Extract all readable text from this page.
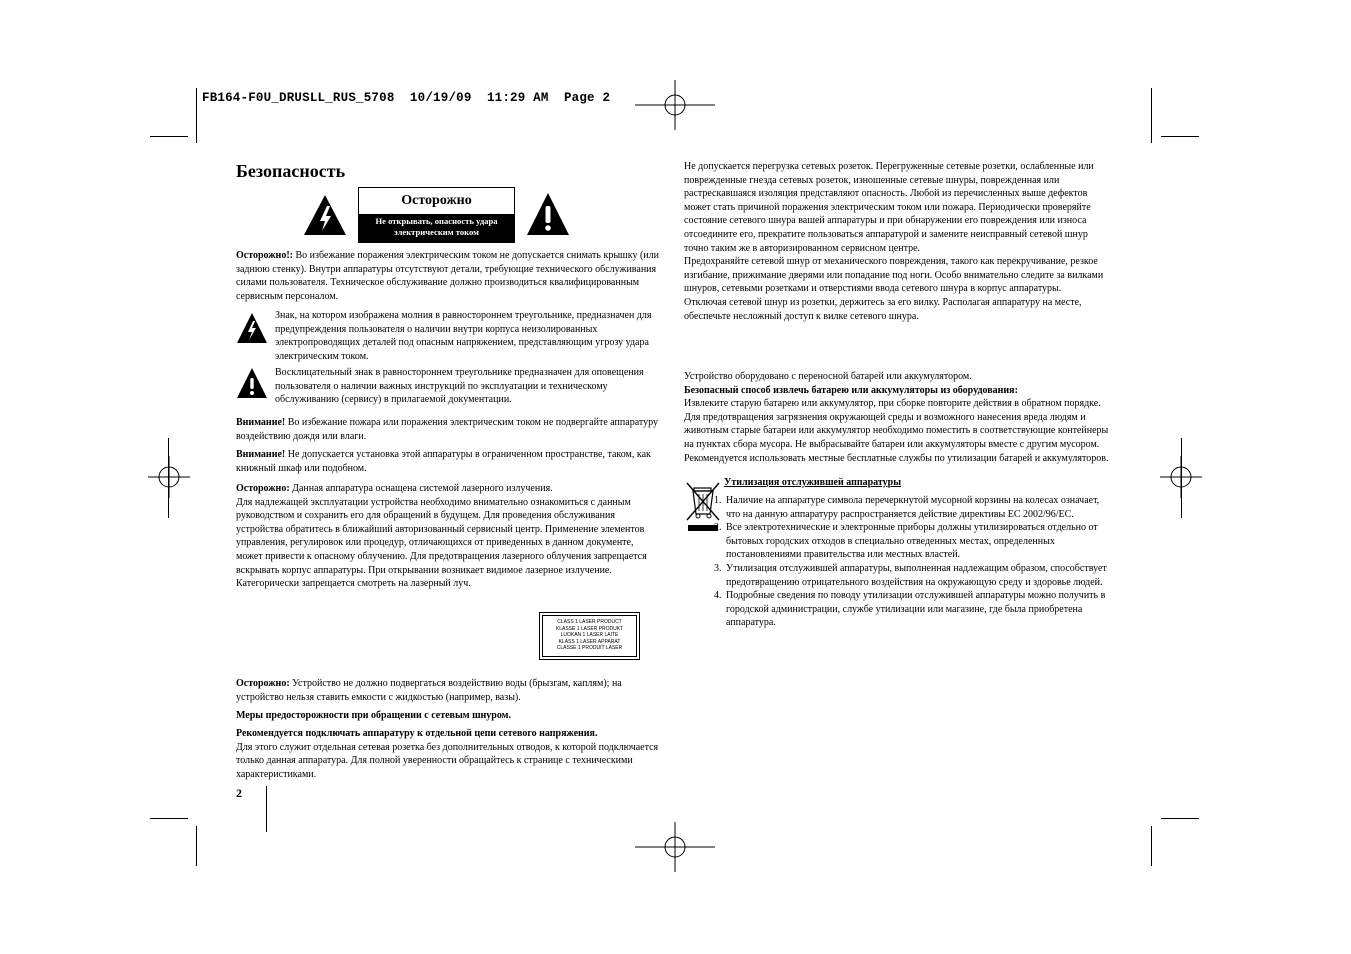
FB164-F0U_DRUSLL_RUS_5708  10/19/09  11:29 AM  Page 2
Безопасность
Осторожно
Не открывать, опасность удара
электрическим током
Осторожно!: Во избежание поражения электрическим током не допускается снимать крышку (или заднюю стенку). Внутри аппаратуры отсутствуют детали, требующие технического обслуживания силами пользователя. Техническое обслуживание должно производиться квалифицированным сервисным персоналом.
Знак, на котором изображена молния в равностороннем треугольнике, предназначен для предупреждения пользователя о наличии внутри корпуса неизолированных электропроводящих деталей под опасным напряжением, представляющим угрозу удара электрическим током.
Восклицательный знак в равностороннем треугольнике предназначен для оповещения пользователя о наличии важных инструкций по эксплуатации и техническому обслуживанию (сервису) в прилагаемой документации.
Внимание! Во избежание пожара или поражения электрическим током не подвергайте аппаратуру воздействию дождя или влаги.
Внимание! Не допускается установка этой аппаратуры в ограниченном пространстве, таком, как книжный шкаф или подобном.
Осторожно: Данная аппаратура оснащена системой лазерного излучения.
Для надлежащей эксплуатации устройства необходимо внимательно ознакомиться с данным руководством и сохранить его для обращений в будущем. Для проведения обслуживания устройства обратитесь в ближайший авторизованный сервисный центр. Применение элементов управления, регулировок или процедур, отличающихся от приведенных в данном документе, может привести к опасному облучению. Для предотвращения лазерного облучения запрещается вскрывать корпус аппаратуры. При открывании возникает видимое лазерное излучение. Категорически запрещается смотреть на лазерный луч.
CLASS 1 LASER PRODUCT
KLASSE 1 LASER PRODUKT
LUOKAN 1 LASER LAITE
KLASS 1 LASER APPARAT
CLASSE 1 PRODUIT LASER
Осторожно: Устройство не должно подвергаться воздействию воды (брызгам, каплям); на устройство нельзя ставить емкости с жидкостью (например, вазы).
Меры предосторожности при обращении с сетевым шнуром.
Рекомендуется подключать аппаратуру к отдельной цепи сетевого напряжения.
Для этого служит отдельная сетевая розетка без дополнительных отводов, к которой подключается только данная аппаратура. Для полной уверенности обращайтесь к странице с техническими характеристиками.
2
Не допускается перегрузка сетевых розеток. Перегруженные сетевые розетки, ослабленные или поврежденные гнезда сетевых розеток, изношенные сетевые шнуры, поврежденная или растрескавшаяся изоляция представляют опасность. Любой из перечисленных выше дефектов может стать причиной поражения электрическим током или пожара. Периодически проверяйте состояние сетевого шнура вашей аппаратуры и при обнаружении его повреждения или износа отсоедините его, прекратите пользоваться аппаратурой и замените неисправный сетевой шнур точно таким же в авторизированном сервисном центре.
Предохраняйте сетевой шнур от механического повреждения, такого как перекручивание, резкое изгибание, прижимание дверями или попадание под ноги. Особо внимательно следите за вилками шнуров, сетевыми розетками и отверстиями ввода сетевого шнура в корпус аппаратуры.
Отключая сетевой шнур из розетки, держитесь за его вилку. Располагая аппаратуру на месте, обеспечьте несложный доступ к вилке сетевого шнура.
Устройство оборудовано с переносной батарей или аккумулятором.
Безопасный способ извлечь батарею или аккумуляторы из оборудования:
Извлеките старую батарею или аккумулятор, при сборке повторите действия в обратном порядке. Для предотвращения загрязнения окружающей среды и возможного нанесения вреда людям и животным старые батареи или аккумулятор необходимо поместить в соответствующие контейнеры на пунктах сбора мусора. Не выбрасывайте батареи или аккумуляторы вместе с другим мусором. Рекомендуется использовать местные бесплатные службы по утилизации батарей и аккумуляторов.
Утилизация отслужившей аппаратуры
1. Наличие на аппаратуре символа перечеркнутой мусорной корзины на колесах означает, что на данную аппаратуру распространяется действие директивы ЕС 2002/96/ЕС.
2. Все электротехнические и электронные приборы должны утилизироваться отдельно от бытовых городских отходов в специально отведенных местах, определенных постановлениями правительства или местных властей.
3. Утилизация отслужившей аппаратуры, выполненная надлежащим образом, способствует предотвращению отрицательного воздействия на окружающую среду и здоровье людей.
4. Подробные сведения по поводу утилизации отслужившей аппаратуры можно получить в городской администрации, службе утилизации или магазине, где была приобретена аппаратура.
